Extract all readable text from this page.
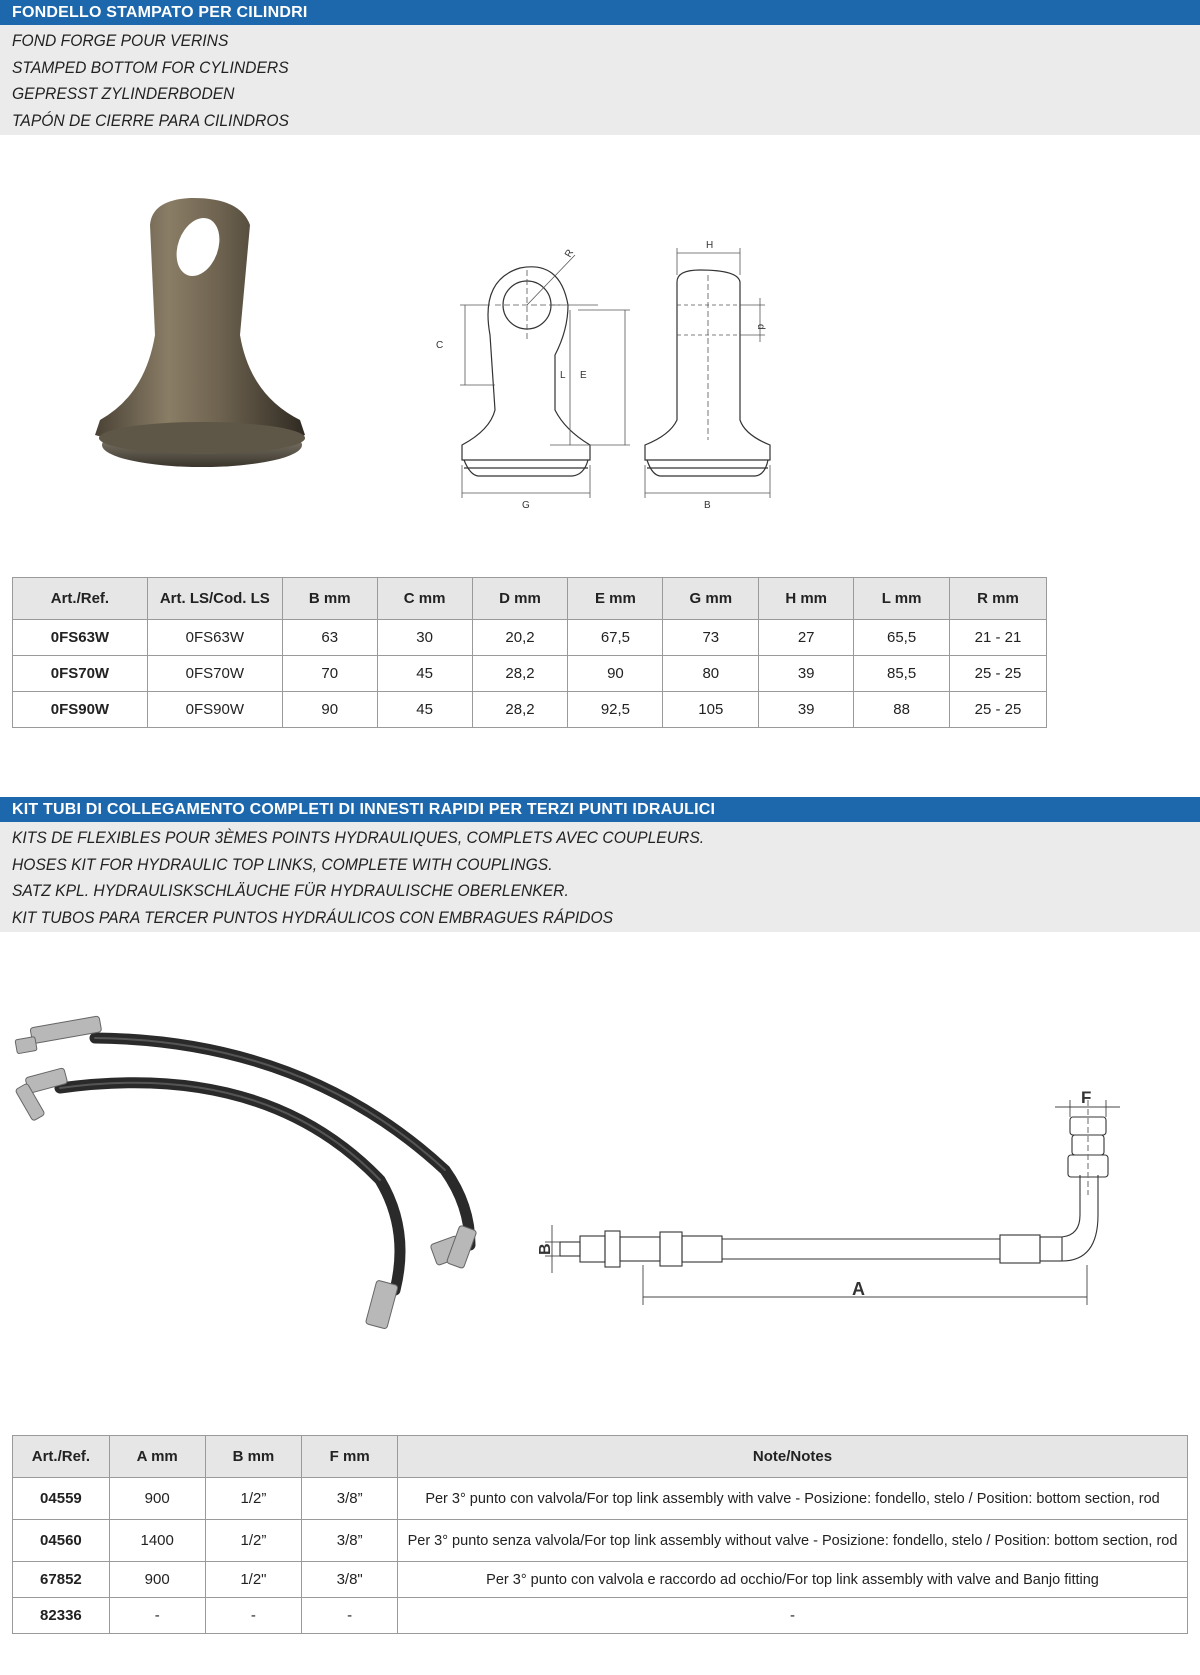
FONDELLO STAMPATO PER CILINDRI
FOND FORGE POUR VERINS
STAMPED BOTTOM FOR CYLINDERS
GEPRESST ZYLINDERBODEN
TAPÓN DE CIERRE PARA CILINDROS
R
C
L E
G
H
d
B
Art./Ref.	Art. LS/Cod. LS	B mm	C mm	D mm	E mm	G mm	H mm	L mm	R mm
0FS63W	0FS63W	63	30	20,2	67,5	73	27	65,5	21 - 21
0FS70W	0FS70W	70	45	28,2	90	80	39	85,5	25 - 25
0FS90W	0FS90W	90	45	28,2	92,5	105	39	88	25 - 25
KIT TUBI DI COLLEGAMENTO COMPLETI DI INNESTI RAPIDI PER TERZI PUNTI IDRAULICI
KITS DE FLEXIBLES POUR 3ÈMES POINTS HYDRAULIQUES, COMPLETS AVEC COUPLEURS.
HOSES KIT FOR HYDRAULIC TOP LINKS, COMPLETE WITH COUPLINGS.
SATZ KPL. HYDRAULISKSCHLÄUCHE FÜR HYDRAULISCHE OBERLENKER.
KIT TUBOS PARA TERCER PUNTOS HYDRÁULICOS CON EMBRAGUES RÁPIDOS
B
A
F
Art./Ref.	A mm	B mm	F mm	Note/Notes
04559	900	1/2”	3/8”	Per 3° punto con valvola/For top link assembly with valve - Posizione: fondello, stelo / Position: bottom section, rod
04560	1400	1/2”	3/8”	Per 3° punto senza valvola/For top link assembly without valve - Posizione: fondello, stelo / Position: bottom section, rod
67852	900	1/2"	3/8"	Per 3° punto con valvola e raccordo ad occhio/For top link assembly with valve and Banjo fitting
82336	-	-	-	-
